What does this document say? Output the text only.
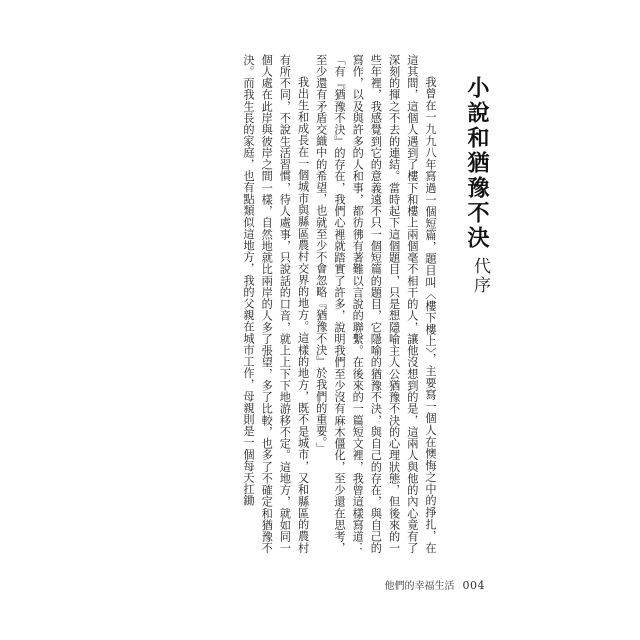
代序
小說和猶豫不決

我曾在一九九八年寫過一個短篇，題目叫〈樓下樓上〉，主要寫一個人在懊悔之中的掙扎，在這其間，這個人遇到了樓下和樓上兩個毫不相干的人，讓他沒想到的是，這兩人與他的內心竟有了深刻的揮之不去的連結。當時起下這個題目，只是想隱喻主人公猶豫不決的心理狀態，但後來的一些年裡，我感覺到它的意義遠不只一個短篇的題目，它隱喻的猶豫不決，與自己的存在，與自己的寫作，以及與許多的人和事，都彷彿有著難以言說的聯繫。在後來的一篇短文裡，我曾這樣寫道：「有『猶豫不決』的存在，我們心裡就踏實了許多，說明我們至少沒有麻木僵化，至少還在思考，至少還有矛盾交織中的希望，也就至少不會忽略『猶豫不決』於我們的重要。」

我出生和成長在一個城市與縣區農村交界的地方。這樣的地方，既不是城市，又和縣區的農村有所不同，不說生活習慣，待人處事，只說話的口音，就上上下下地游移不定。這地方，就如同一個人處在此岸與彼岸之間一樣，自然地就比兩岸的人多了張望，多了比較，也多了不確定和猶豫不決。而我生長的家庭，也有點類似這地方，我的父親在城市工作，母親則是一個每天扛鋤

他們的幸福生活 004
